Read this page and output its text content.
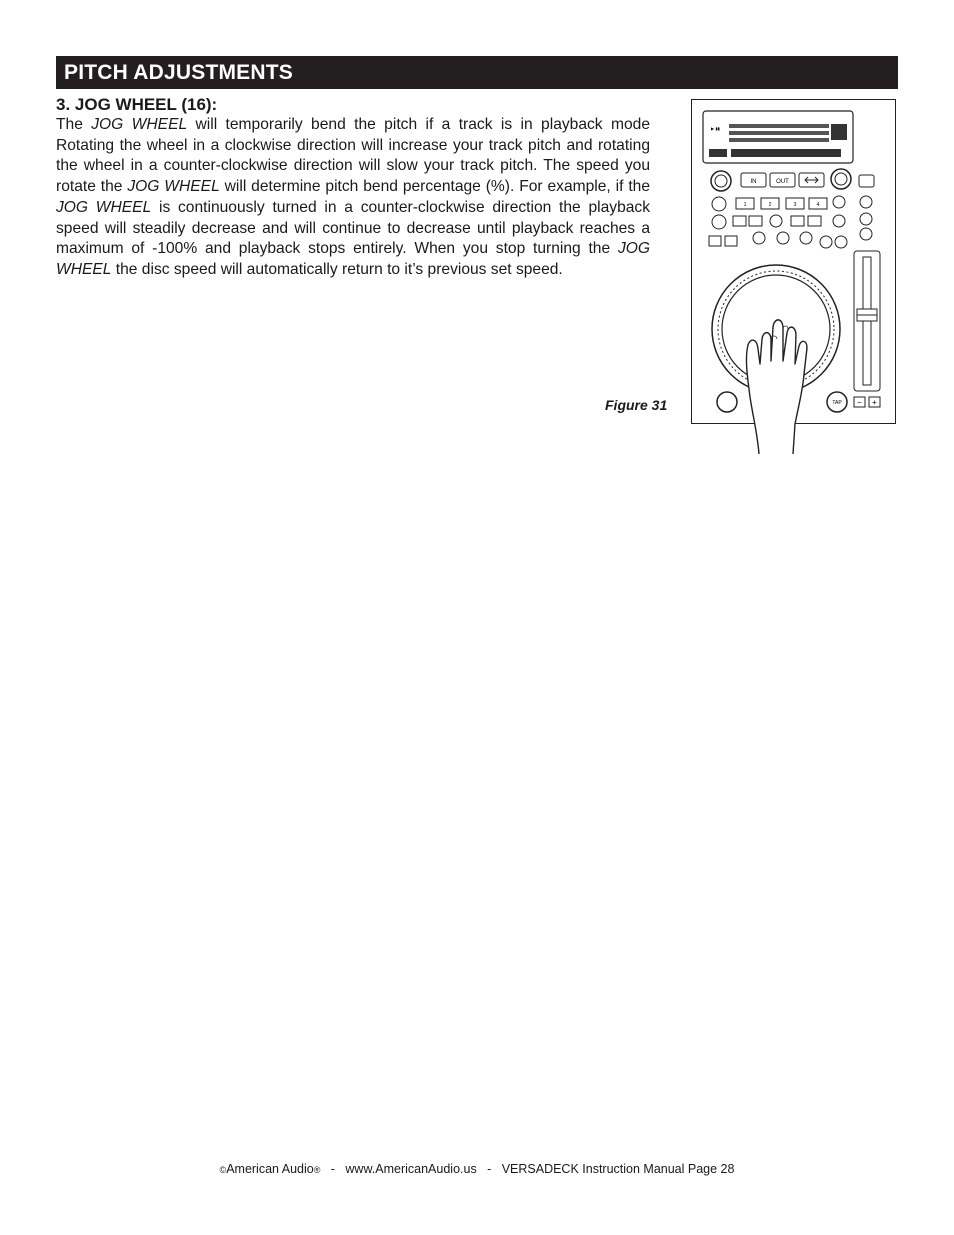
PITCH ADJUSTMENTS
3. JOG WHEEL (16):

The JOG WHEEL will temporarily bend the pitch if a track is in playback mode Rotating the wheel in a clockwise direction will increase your track pitch and rotating the wheel in a counter-clockwise direction will slow your track pitch. The speed you rotate the JOG WHEEL will determine pitch bend percentage (%). For example, if the JOG WHEEL is continuously turned in a counter-clockwise direction the playback speed will steadily decrease and will continue to decrease until playback reaches a maximum of -100% and playback stops entirely. When you stop turning the JOG WHEEL the disc speed will automatically return to it’s previous set speed.

Figure 31
▶ ▮▮
IN	OUT
1	2	3	4
TAP − +
©American Audio®   -   www.AmericanAudio.us   -   VERSADECK Instruction Manual Page 28
